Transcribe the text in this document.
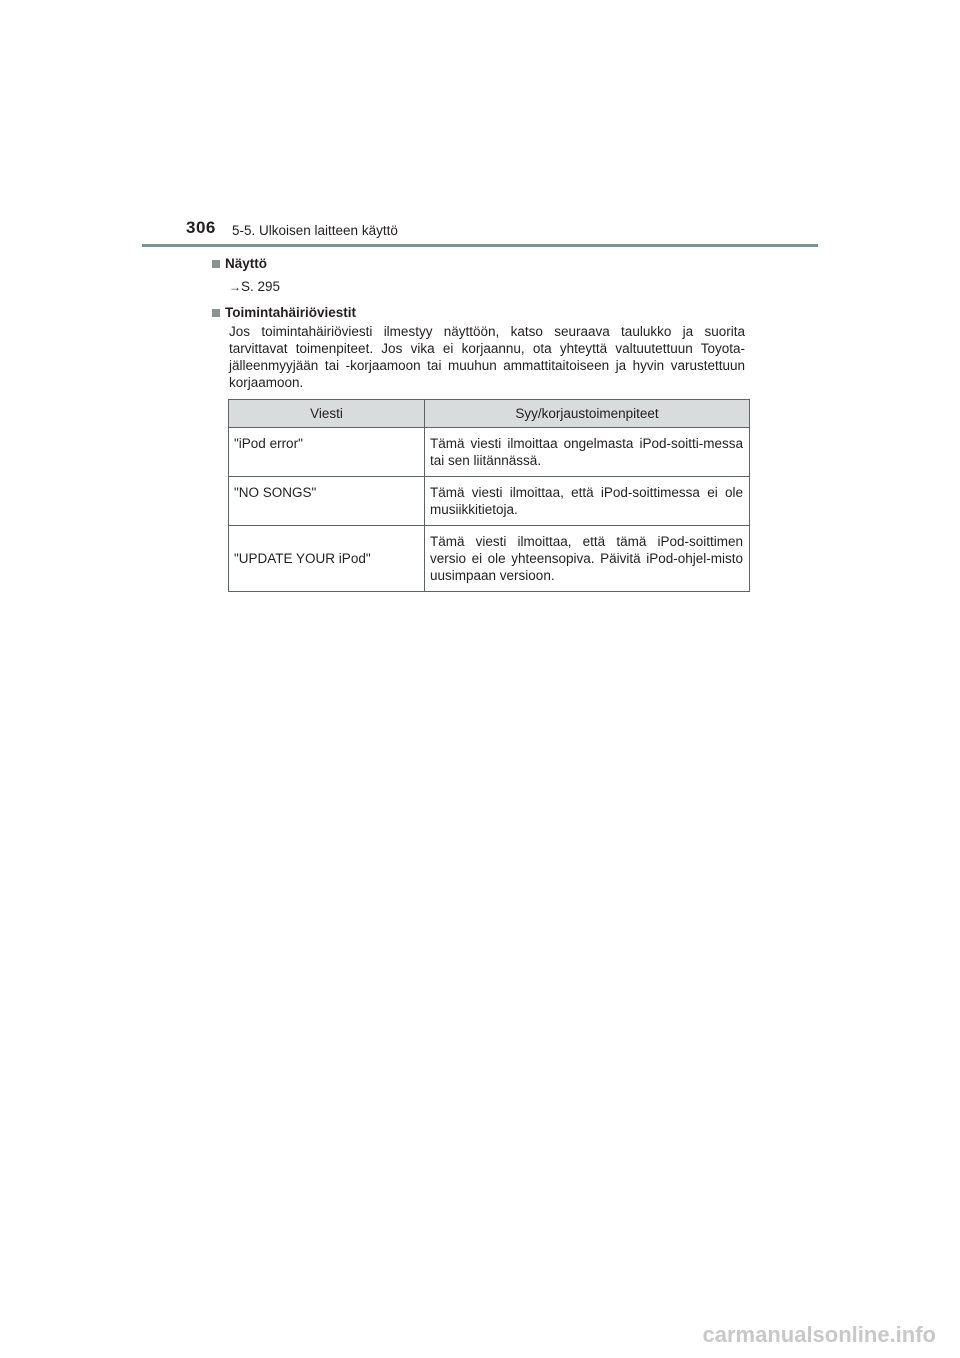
306 5-5. Ulkoisen laitteen käyttö

Näyttö

→S. 295

Toimintahäiriöviestit

Jos toimintahäiriöviesti ilmestyy näyttöön, katso seuraava taulukko ja suorita tarvittavat toimenpiteet. Jos vika ei korjaannu, ota yhteyttä valtuutettuun Toyota-jälleenmyyjään tai -korjaamoon tai muuhun ammattitaitoiseen ja hyvin varustettuun korjaamoon.

Viesti	Syy/korjaustoimenpiteet
"iPod error"	Tämä viesti ilmoittaa ongelmasta iPod-soitti-messa tai sen liitännässä.
"NO SONGS"	Tämä viesti ilmoittaa, että iPod-soittimessa ei ole musiikkitietoja.
"UPDATE YOUR iPod"	Tämä viesti ilmoittaa, että tämä iPod-soittimen versio ei ole yhteensopiva. Päivitä iPod-ohjel-misto uusimpaan versioon.
carmanualsonline.info
